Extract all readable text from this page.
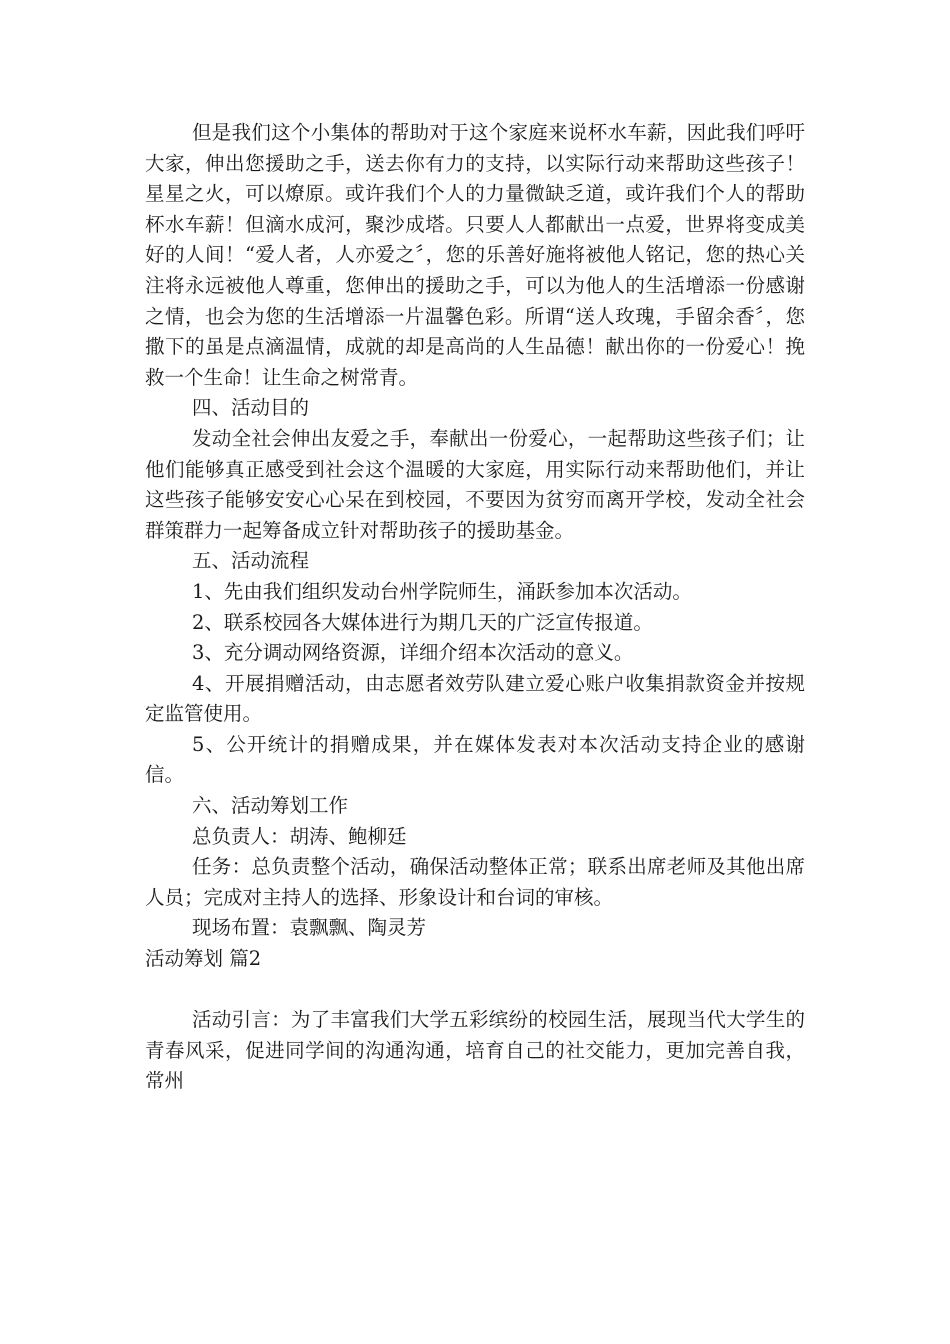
但是我们这个小集体的帮助对于这个家庭来说杯水车薪，因此我们呼吁大家，伸出您援助之手，送去你有力的支持，以实际行动来帮助这些孩子！星星之火，可以燎原。或许我们个人的力量微缺乏道，或许我们个人的帮助杯水车薪！但滴水成河，聚沙成塔。只要人人都献出一点爱，世界将变成美好的人间！“爱人者，人亦爱之〞，您的乐善好施将被他人铭记，您的热心关注将永远被他人尊重，您伸出的援助之手，可以为他人的生活增添一份感谢之情，也会为您的生活增添一片温馨色彩。所谓“送人玫瑰，手留余香〞，您撒下的虽是点滴温情，成就的却是高尚的人生品德！献出你的一份爱心！挽救一个生命！让生命之树常青。

四、活动目的

发动全社会伸出友爱之手，奉献出一份爱心，一起帮助这些孩子们；让他们能够真正感受到社会这个温暖的大家庭，用实际行动来帮助他们，并让这些孩子能够安安心心呆在到校园，不要因为贫穷而离开学校，发动全社会群策群力一起筹备成立针对帮助孩子的援助基金。

五、活动流程

1、先由我们组织发动台州学院师生，涌跃参加本次活动。

2、联系校园各大媒体进行为期几天的广泛宣传报道。

3、充分调动网络资源，详细介绍本次活动的意义。

4、开展捐赠活动，由志愿者效劳队建立爱心账户收集捐款资金并按规定监管使用。

5、公开统计的捐赠成果，并在媒体发表对本次活动支持企业的感谢信。

六、活动筹划工作

总负责人：胡涛、鲍柳廷

任务：总负责整个活动，确保活动整体正常；联系出席老师及其他出席人员；完成对主持人的选择、形象设计和台词的审核。

现场布置：袁飘飘、陶灵芳

活动筹划 篇2

活动引言：为了丰富我们大学五彩缤纷的校园生活，展现当代大学生的青春风采，促进同学间的沟通沟通，培育自己的社交能力，更加完善自我，常州
